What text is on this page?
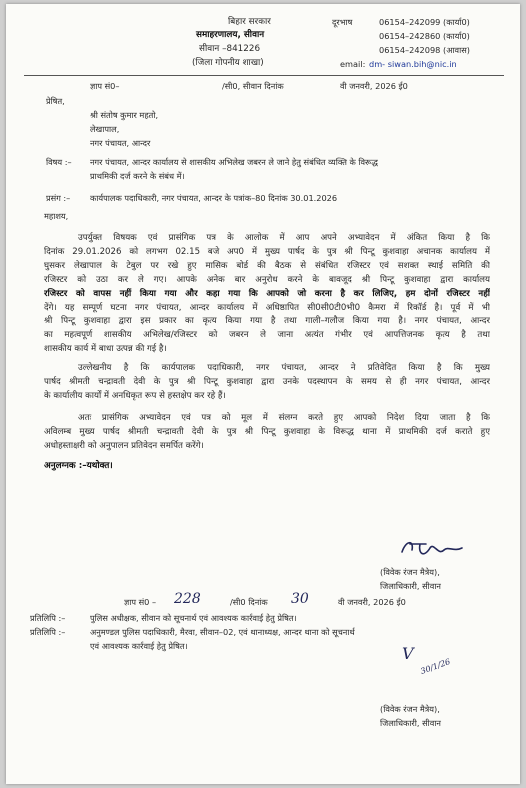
बिहार सरकार
समाहरणालय, सीवान
सीवान –841226
(जिला गोपनीय शाखा)
दूरभाष	06154–242099 (कार्या0)
06154–242860 (कार्या0)
06154–242098 (आवास)
email: dm- siwan.bih@nic.in
ज्ञाप सं0–	/सी0, सीवान दिनांक	वी जनवरी, 2026 ई0
प्रेषित,
श्री संतोष कुमार महतो,
लेखापाल,
नगर पंचायत, आन्दर
विषय :– नगर पंचायत, आन्दर कार्यालय से शासकीय अभिलेख जबरन ले जाने हेतु संबंधित व्यक्ति के विरूद्ध
प्राथमिकी दर्ज करने के संबंध में।
प्रसंग :– कार्यपालक पदाधिकारी, नगर पंचायत, आन्दर के पत्रांक–80 दिनांक 30.01.2026
महाशय,
उपर्युक्त विषयक एवं प्रासंगिक पत्र के आलोक में आप अपने अभ्यावेदन में अंकित किया है कि
दिनांक 29.01.2026 को लगभग 02.15 बजे अप0 में मुख्य पार्षद के पुत्र श्री पिन्टू कुशवाहा अचानक कार्यालय में
घुसकर लेखापाल के टेबुल पर रखे हुए मासिक बोर्ड की बैठक से संबंधित रजिस्टर एवं सशक्त स्थाई समिति की
रजिस्टर को उठा कर ले गए। आपके अनेक बार अनुरोध करने के बावजूद श्री पिन्टू कुशवाहा द्वारा कार्यालय
रजिस्टर को वापस नहीं किया गया और कहा गया कि आपको जो करना है कर लिजिए, हम दोनों रजिस्टर नहीं
देंगे। यह सम्पूर्ण घटना नगर पंचायत, आन्दर कार्यालय में अधिष्ठापित सी0सी0टी0भी0 कैमरा में रिकॉर्ड है। पूर्व में भी
श्री पिन्टू कुशवाहा द्वारा इस प्रकार का कृत्य किया गया है तथा गाली–गलौज किया गया है। नगर पंचायत, आन्दर
का महत्वपूर्ण शासकीय अभिलेख/रजिस्टर को जबरन ले जाना अत्यंत गंभीर एवं आपत्तिजनक कृत्य है तथा
शासकीय कार्य में बाधा उत्पन्न की गई है।
उल्लेखनीय है कि कार्यपालक पदाधिकारी, नगर पंचायत, आन्दर ने प्रतिवेदित किया है कि मुख्य
पार्षद श्रीमती चन्द्रावती देवी के पुत्र श्री पिन्टू कुशवाहा द्वारा उनके पदस्थापन के समय से ही नगर पंचायत, आन्दर
के कार्यालीय कार्यों में अनधिकृत रूप से हस्तक्षेप कर रहे हैं।
अतः प्रासंगिक अभ्यावेदन एवं पत्र को मूल में संलग्न करते हुए आपको निदेश दिया जाता है कि
अविलम्ब मुख्य पार्षद श्रीमती चन्द्रावती देवी के पुत्र श्री पिन्टू कुशवाहा के विरूद्ध थाना में प्राथमिकी दर्ज कराते हुए
अधोहस्ताक्षरी को अनुपालन प्रतिवेदन समर्पित करेंगे।
अनुलग्नक :–यथोक्त।
(विवेक रंजन मैत्रेय),
जिलाधिकारी, सीवान
ज्ञाप सं0 – 228	/सी0 दिनांक 30	वी जनवरी, 2026 ई0
प्रतिलिपि :–	पुलिस अधीक्षक, सीवान को सूचनार्थ एवं आवश्यक कार्रवाई हेतु प्रेषित।
प्रतिलिपि :–	अनुमण्डल पुलिस पदाधिकारी, मैरवा, सीवान–02, एवं थानाध्यक्ष, आन्दर थाना को सूचनार्थ
एवं आवश्यक कार्रवाई हेतु प्रेषित।	V
30/1/26
(विवेक रंजन मैत्रेय),
जिलाधिकारी, सीवान
